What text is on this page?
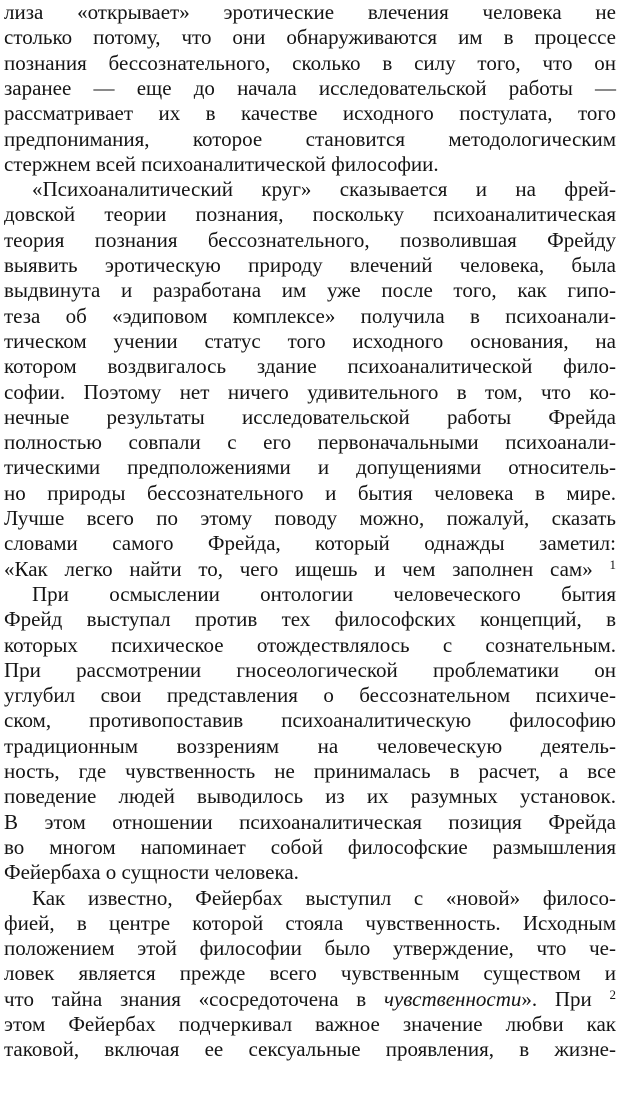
лиза «открывает» эротические влечения человека не
столько потому, что они обнаруживаются им в процессе
познания бессознательного, сколько в силу того, что он
заранее — еще до начала исследовательской работы —
рассматривает их в качестве исходного постулата, того
предпонимания, которое становится методологическим
стержнем всей психоаналитической философии.
«Психоаналитический круг» сказывается и на фрей-
довской теории познания, поскольку психоаналитическая
теория познания бессознательного, позволившая Фрейду
выявить эротическую природу влечений человека, была
выдвинута и разработана им уже после того, как гипо-
теза об «эдиповом комплексе» получила в психоанали-
тическом учении статус того исходного основания, на
котором воздвигалось здание психоаналитической фило-
софии. Поэтому нет ничего удивительного в том, что ко-
нечные результаты исследовательской работы Фрейда
полностью совпали с его первоначальными психоанали-
тическими предположениями и допущениями относитель-
но природы бессознательного и бытия человека в мире.
Лучше всего по этому поводу можно, пожалуй, сказать
словами самого Фрейда, который однажды заметил:
«Как легко найти то, чего ищешь и чем заполнен сам» $^1$
При осмыслении онтологии человеческого бытия
Фрейд выступал против тех философских концепций, в
которых психическое отождествлялось с сознательным.
При рассмотрении гносеологической проблематики он
углубил свои представления о бессознательном психиче-
ском, противопоставив психоаналитическую философию
традиционным воззрениям на человеческую деятель-
ность, где чувственность не принималась в расчет, а все
поведение людей выводилось из их разумных установок.
В этом отношении психоаналитическая позиция Фрейда
во многом напоминает собой философские размышления
Фейербаха о сущности человека.
Как известно, Фейербах выступил с «новой» филосо-
фией, в центре которой стояла чувственность. Исходным
положением этой философии было утверждение, что че-
ловек является прежде всего чувственным существом и
что тайна знания «сосредоточена в чувственности». При $^2$
этом Фейербах подчеркивал важное значение любви как
таковой, включая ее сексуальные проявления, в жизне-
